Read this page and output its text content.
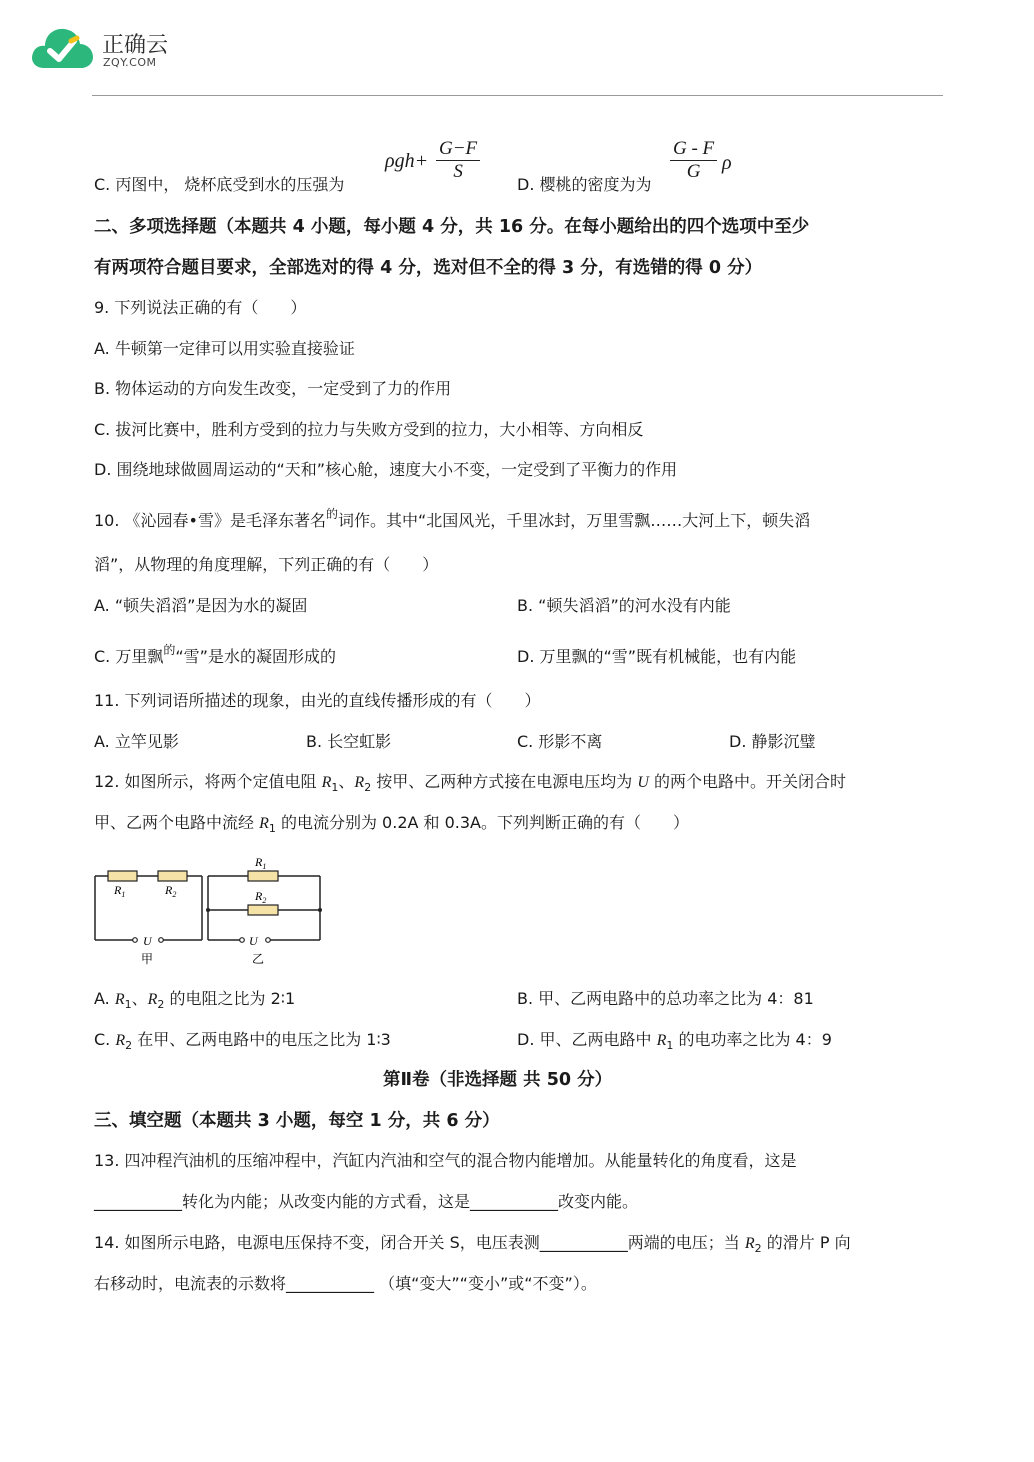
正确云
ZQY.COM
C. 丙图中， 烧杯底受到水的压强为
$\rho gh+ \frac{G-F}{S}$
D. 樱桃的密度为为
$\frac{G - F}{G}$ ρ
二、多项选择题（本题共 4 小题，每小题 4 分，共 16 分。在每小题给出的四个选项中至少
有两项符合题目要求，全部选对的得 4 分，选对但不全的得 3 分，有选错的得 0 分）
9. 下列说法正确的有（　　）
A. 牛顿第一定律可以用实验直接验证
B. 物体运动的方向发生改变，一定受到了力的作用
C. 拔河比赛中，胜利方受到的拉力与失败方受到的拉力，大小相等、方向相反
D. 围绕地球做圆周运动的“天和”核心舱，速度大小不变，一定受到了平衡力的作用
10. 《沁园春•雪》是毛泽东著名$^的$词作。其中“北国风光，千里冰封，万里雪飘……大河上下，顿失滔
滔”，从物理的角度理解，下列正确的有（　　）
A. “顿失滔滔”是因为水的凝固	B. “顿失滔滔”的河水没有内能
C. 万里飘$^的$“雪”是水的凝固形成的	D. 万里飘的“雪”既有机械能，也有内能
11. 下列词语所描述的现象，由光的直线传播形成的有（　　）
A. 立竿见影	B. 长空虹影	C. 形影不离	D. 静影沉璧
12. 如图所示，将两个定值电阻 $R_1$、$R_2$ 按甲、乙两种方式接在电源电压均为 U 的两个电路中。开关闭合时
甲、乙两个电路中流经 $R_1$ 的电流分别为 0.2A 和 0.3A。下列判断正确的有（　　）
$R_1$	$R_2$
U
甲
$R_1$
$R_2$
U
乙
A. $R_1$、$R_2$ 的电阻之比为 2∶1	B. 甲、乙两电路中的总功率之比为 4：81
C. $R_2$ 在甲、乙两电路中的电压之比为 1∶3	D. 甲、乙两电路中 $R_1$ 的电功率之比为 4：9
第Ⅱ卷（非选择题 共 50 分）
三、填空题（本题共 3 小题，每空 1 分，共 6 分）
13. 四冲程汽油机的压缩冲程中，汽缸内汽油和空气的混合物内能增加。从能量转化的角度看，这是
___________转化为内能；从改变内能的方式看，这是___________改变内能。
14. 如图所示电路，电源电压保持不变，闭合开关 S，电压表测___________两端的电压；当 $R_2$ 的滑片 P 向
右移动时，电流表的示数将___________ （填“变大”“变小”或“不变”）。
